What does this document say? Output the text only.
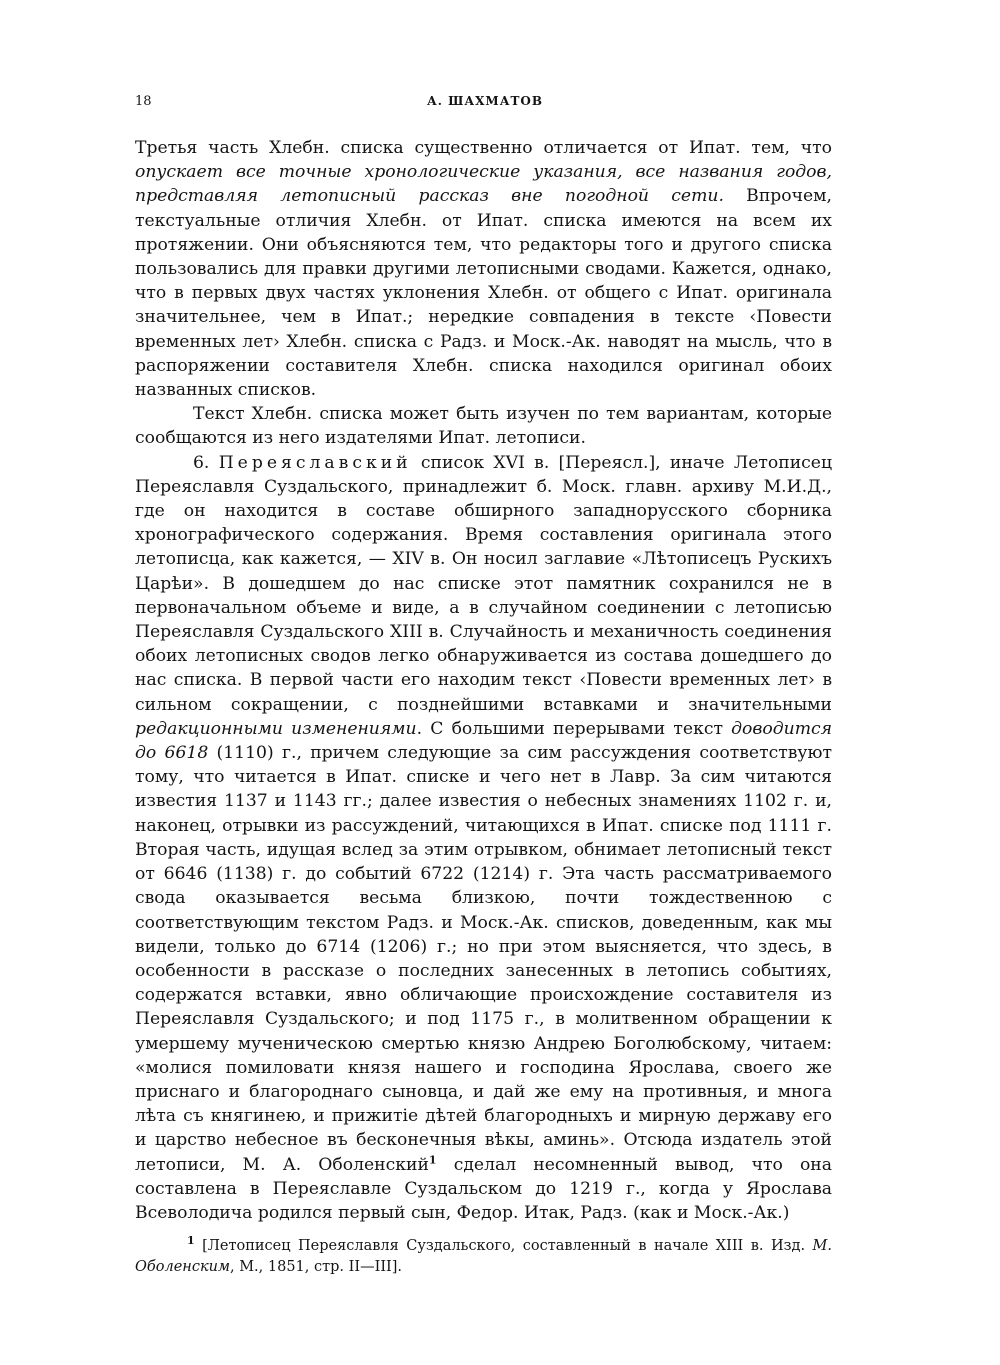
18	А. ШАХМАТОВ

Третья часть Хлебн. списка существенно отличается от Ипат. тем, что опускает все точные хронологические указания, все названия годов, представляя летописный рассказ вне погодной сети. Впрочем, текстуальные отличия Хлебн. от Ипат. списка имеются на всем их протяжении. Они объясняются тем, что редакторы того и другого списка пользовались для правки другими летописными сводами. Кажется, однако, что в первых двух частях уклонения Хлебн. от общего с Ипат. оригинала значительнее, чем в Ипат.; нередкие совпадения в тексте ‹Повести временных лет› Хлебн. списка с Радз. и Моск.-Ак. наводят на мысль, что в распоряжении составителя Хлебн. списка находился оригинал обоих названных списков.

Текст Хлебн. списка может быть изучен по тем вариантам, которые сообщаются из него издателями Ипат. летописи.

6. Переяславский список XVI в. [Переясл.], иначе Летописец Переяславля Суздальского, принадлежит б. Моск. главн. архиву М.И.Д., где он находится в составе обширного западнорусского сборника хронографического содержания. Время составления оригинала этого летописца, как кажется, — XIV в. Он носил заглавие «Лѣтописецъ Рускихъ Царѣи». В дошедшем до нас списке этот памятник сохранился не в первоначальном объеме и виде, а в случайном соединении с летописью Переяславля Суздальского XIII в. Случайность и механичность соединения обоих летописных сводов легко обнаруживается из состава дошедшего до нас списка. В первой части его находим текст ‹Повести временных лет› в сильном сокращении, с позднейшими вставками и значительными редакционными изменениями. С большими перерывами текст доводится до 6618 (1110) г., причем следующие за сим рассуждения соответствуют тому, что читается в Ипат. списке и чего нет в Лавр. За сим читаются известия 1137 и 1143 гг.; далее известия о небесных знамениях 1102 г. и, наконец, отрывки из рассуждений, читающихся в Ипат. списке под 1111 г. Вторая часть, идущая вслед за этим отрывком, обнимает летописный текст от 6646 (1138) г. до событий 6722 (1214) г. Эта часть рассматриваемого свода оказывается весьма близкою, почти тождественною с соответствующим текстом Радз. и Моск.-Ак. списков, доведенным, как мы видели, только до 6714 (1206) г.; но при этом выясняется, что здесь, в особенности в рассказе о последних занесенных в летопись событиях, содержатся вставки, явно обличающие происхождение составителя из Переяславля Суздальского; и под 1175 г., в молитвенном обращении к умершему мученическою смертью князю Андрею Боголюбскому, читаем: «молися помиловати князя нашего и господина Ярослава, своего же приснаго и благороднаго сыновца, и дай же ему на противныя, и многа лѣта съ княгинею, и прижитiе дѣтей благородныхъ и мирную державу его и царство небесное въ бесконечныя вѣкы, аминь». Отсюда издатель этой летописи, М. А. Оболенский$^1$ сделал несомненный вывод, что она составлена в Переяславле Суздальском до 1219 г., когда у Ярослава Всеволодича родился первый сын, Федор. Итак, Радз. (как и Моск.-Ак.)

$^1$ [Летописец Переяславля Суздальского, составленный в начале XIII в. Изд. М. Оболенским, М., 1851, стр. II—III].
